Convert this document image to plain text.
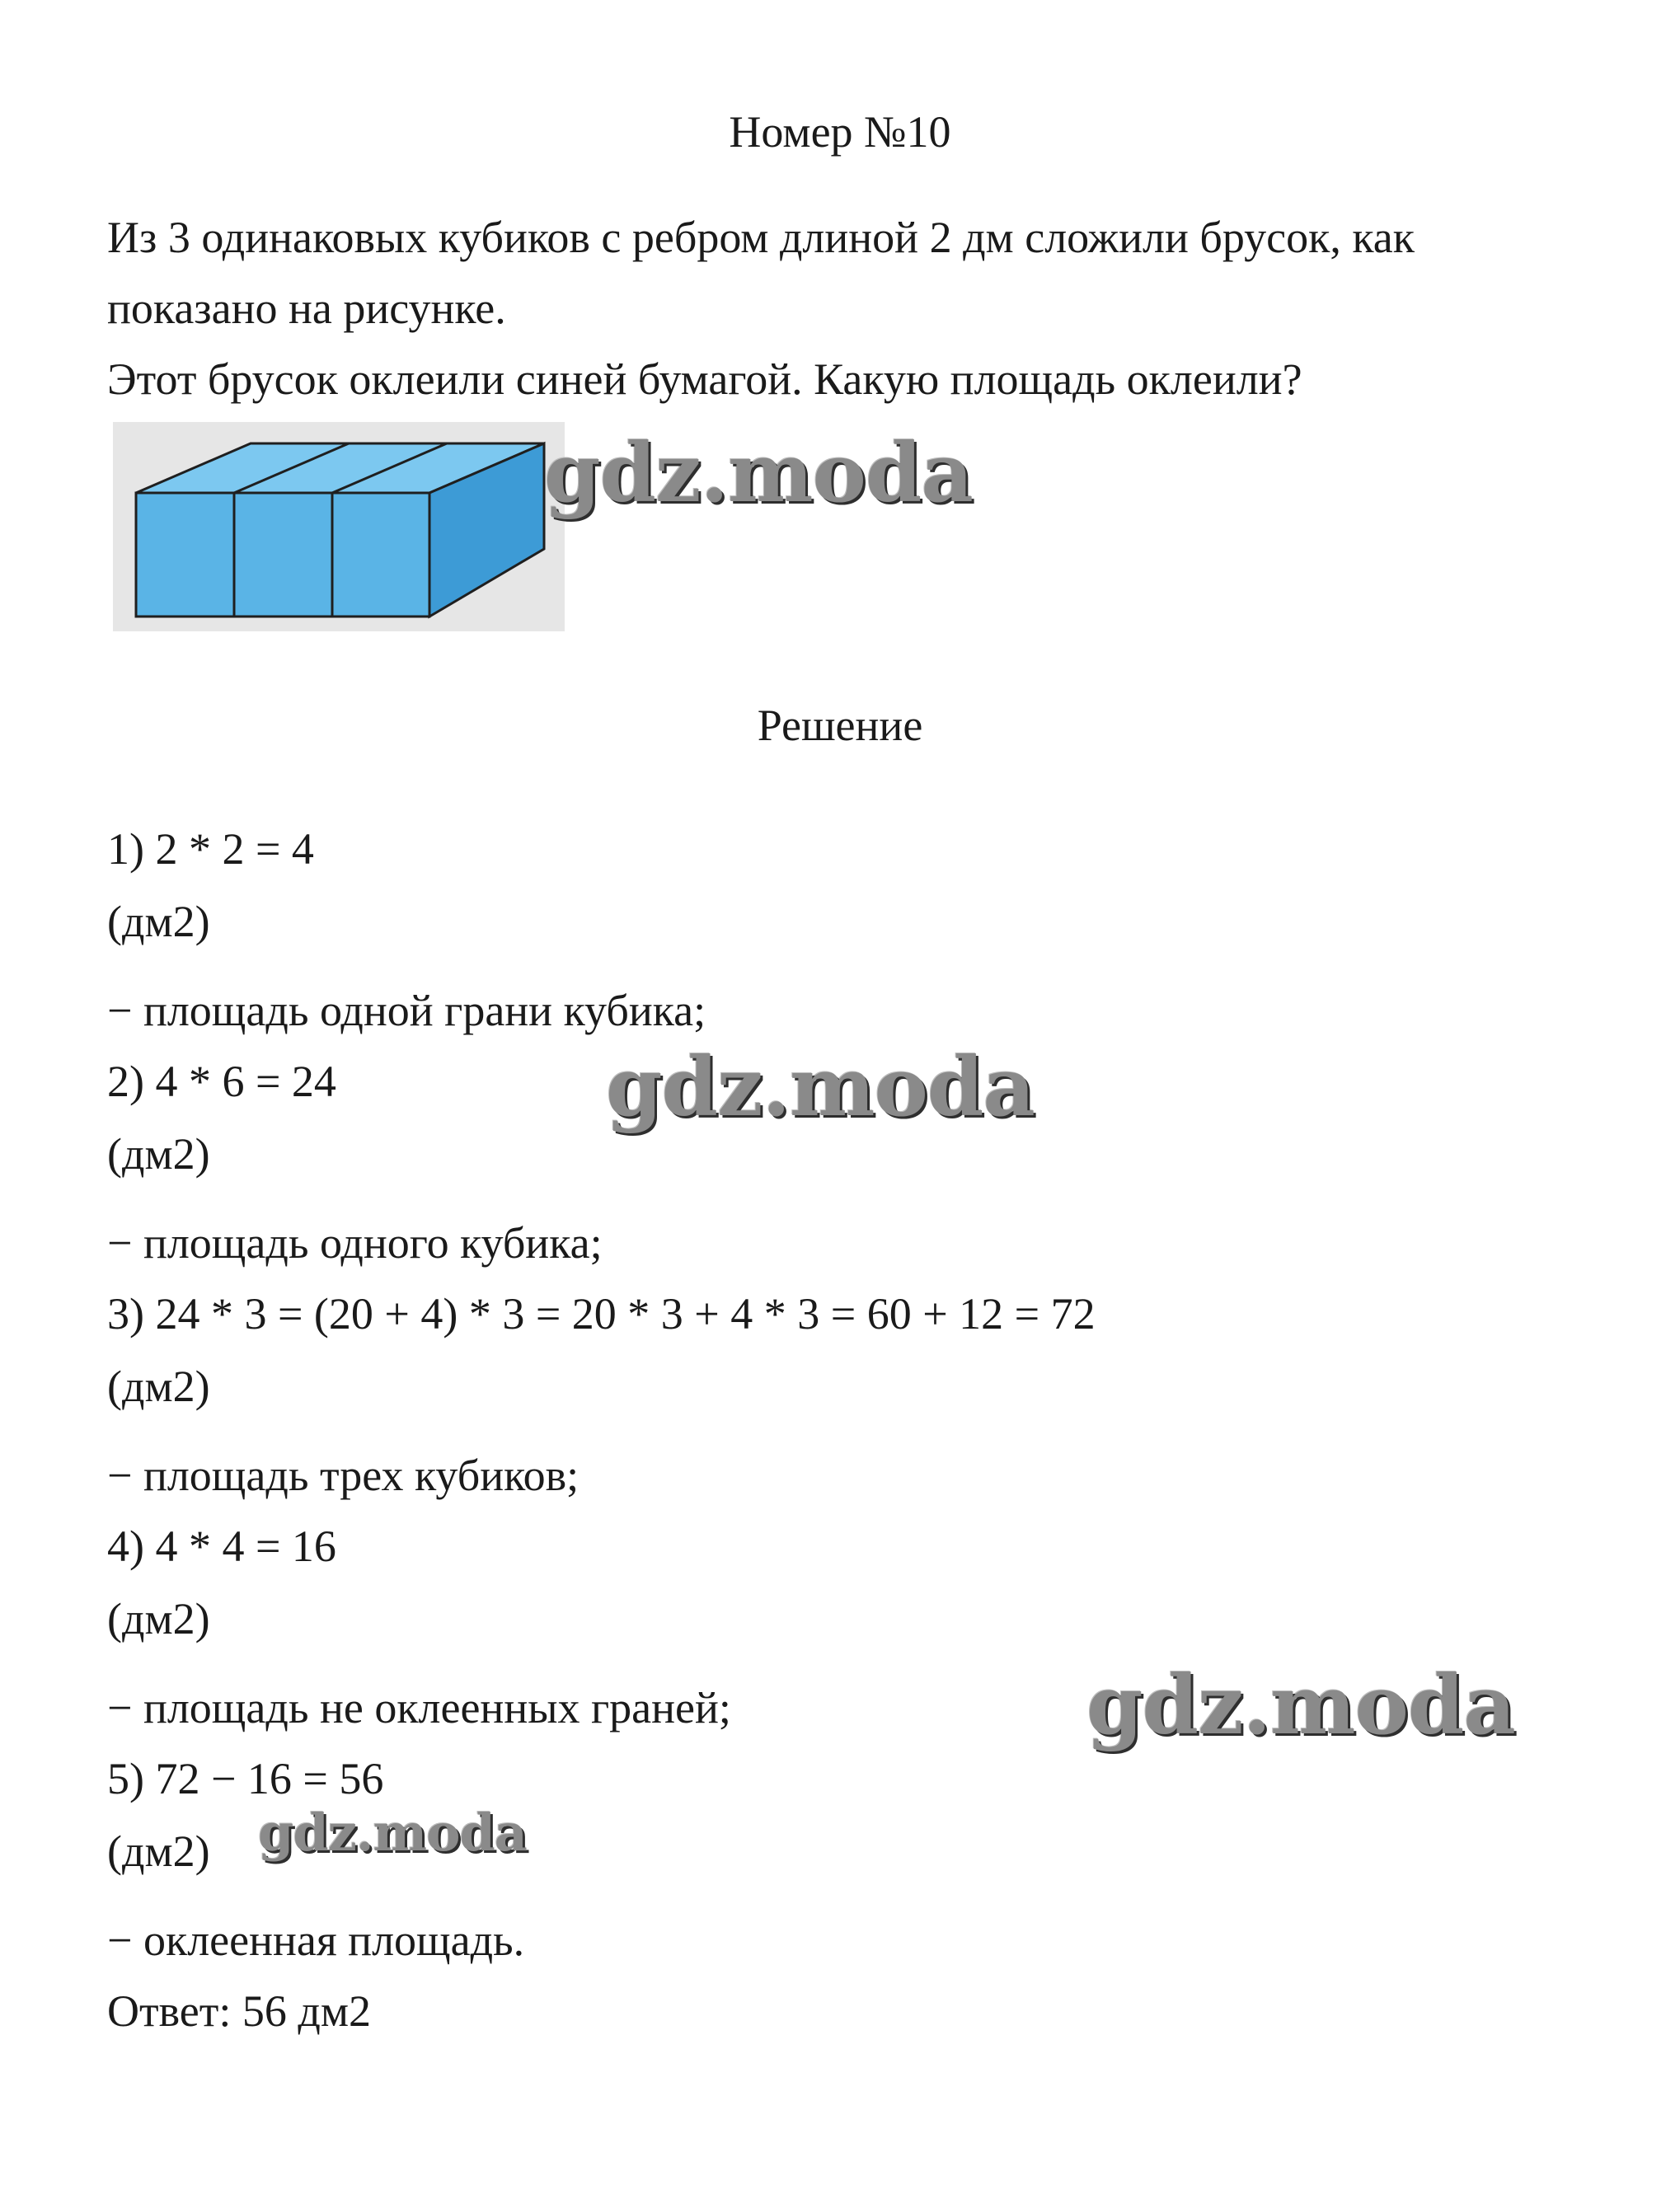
Номер №10
Из 3 одинаковых кубиков с ребром длиной 2 дм сложили брусок, как
показано на рисунке.
Этот брусок оклеили синей бумагой. Какую площадь оклеили?
Решение
1) 2 * 2 = 4
(дм2)
− площадь одной грани кубика;
2) 4 * 6 = 24
(дм2)
− площадь одного кубика;
3) 24 * 3 = (20 + 4) * 3 = 20 * 3 + 4 * 3 = 60 + 12 = 72
(дм2)
− площадь трех кубиков;
4) 4 * 4 = 16
(дм2)
− площадь не оклеенных граней;
5) 72 − 16 = 56
(дм2)
− оклеенная площадь.
Ответ: 56 дм2
gdz.moda
gdz.moda
gdz.moda
gdz.moda
